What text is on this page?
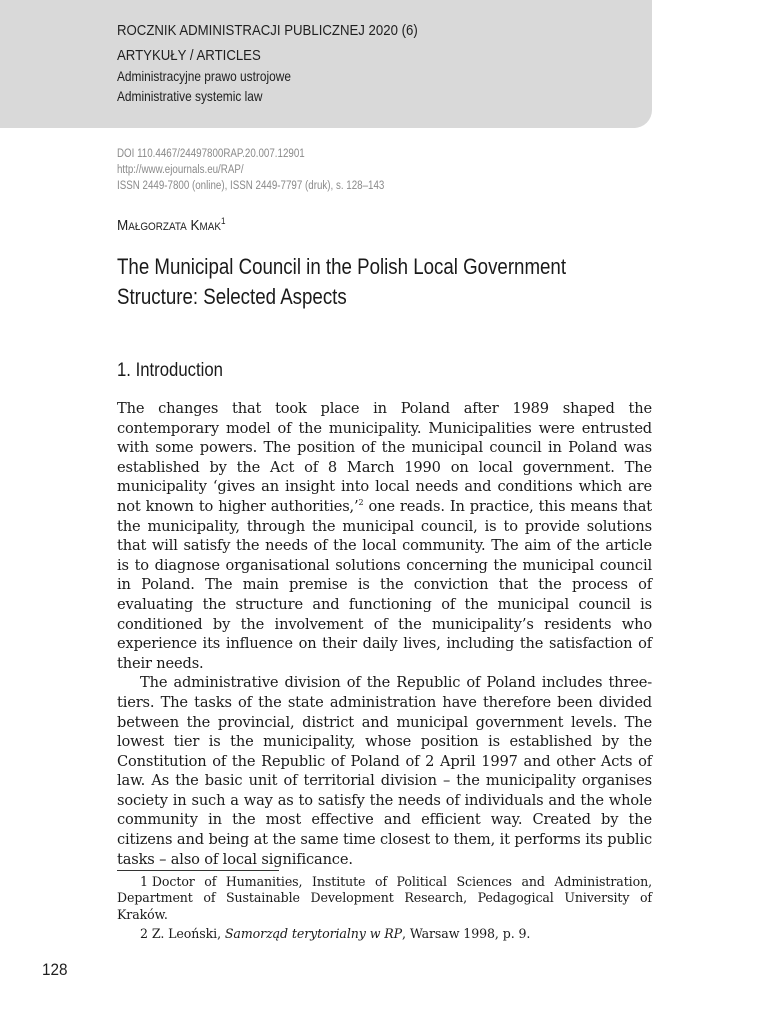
ROCZNIK ADMINISTRACJI PUBLICZNEJ 2020 (6)
ARTYKUŁY / ARTICLES
Administracyjne prawo ustrojowe
Administrative systemic law
DOI 110.4467/24497800RAP.20.007.12901
http://www.ejournals.eu/RAP/
ISSN 2449-7800 (online), ISSN 2449-7797 (druk), s. 128–143
Małgorzata Kmak$^1$
The Municipal Council in the Polish Local Government Structure: Selected Aspects
1. Introduction

The changes that took place in Poland after 1989 shaped the contemporary model of the municipality. Municipalities were entrusted with some powers. The position of the municipal council in Poland was established by the Act of 8 March 1990 on local government. The municipality ‘gives an insight into local needs and conditions which are not known to higher authorities,’$^2$ one reads. In practice, this means that the municipality, through the municipal council, is to provide solutions that will satisfy the needs of the local community. The aim of the article is to diagnose organisational solutions concerning the municipal council in Poland. The main premise is the conviction that the process of evaluating the structure and functioning of the municipal council is conditioned by the involvement of the municipality’s residents who experience its influence on their daily lives, including the satisfaction of their needs.

The administrative division of the Republic of Poland includes three-tiers. The tasks of the state administration have therefore been divided between the provincial, district and municipal government levels. The lowest tier is the municipality, whose position is established by the Constitution of the Republic of Poland of 2 April 1997 and other Acts of law. As the basic unit of territorial division – the municipality organises society in such a way as to satisfy the needs of individuals and the whole community in the most effective and efficient way. Created by the citizens and being at the same time closest to them, it performs its public tasks – also of local significance.

1 Doctor of Humanities, Institute of Political Sciences and Administration, Department of Sustainable Development Research, Pedagogical University of Kraków.

2 Z. Leoński, Samorząd terytorialny w RP, Warsaw 1998, p. 9.

128
